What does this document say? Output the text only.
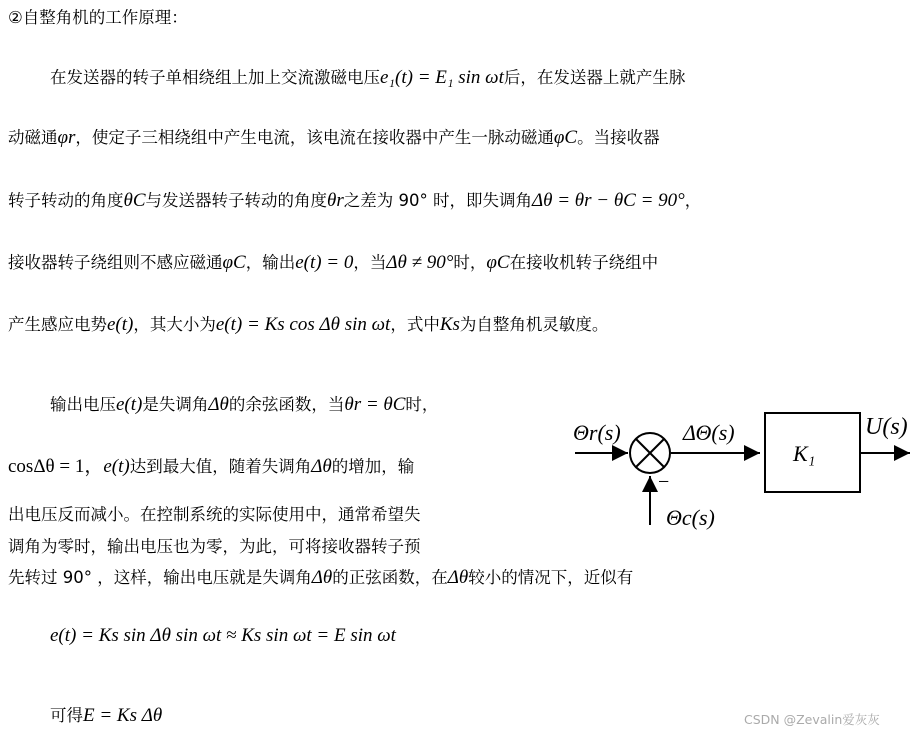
②自整角机的工作原理：
在发送器的转子单相绕组上加上交流激磁电压e₁(t) = E₁ sin ωt后，在发送器上就产生脉
动磁通φr，使定子三相绕组中产生电流，该电流在接收器中产生一脉动磁通φC。当接收器
转子转动的角度θC与发送器转子转动的角度θr之差为 90° 时，即失调角Δθ = θr − θC = 90°，
接收器转子绕组则不感应磁通φC，输出e(t) = 0，当Δθ ≠ 90°时，φC在接收机转子绕组中
产生感应电势e(t)，其大小为e(t) = Ks cos Δθ sin ωt，式中Ks为自整角机灵敏度。
输出电压e(t)是失调角Δθ的余弦函数，当θr = θC时，
cosΔθ = 1，e(t)达到最大值，随着失调角Δθ的增加，输
出电压反而减小。在控制系统的实际使用中，通常希望失
调角为零时，输出电压也为零，为此，可将接收器转子预
先转过 90° ，这样，输出电压就是失调角Δθ的正弦函数，在Δθ较小的情况下，近似有
e(t) = Ks sin Δθ sin ωt ≈ Ks sin ωt = E sin ωt
可得E = Ks Δθ
Θr(s)
−
Θc(s)
ΔΘ(s)
K₁
U(s)
CSDN @Zevalin爱灰灰
